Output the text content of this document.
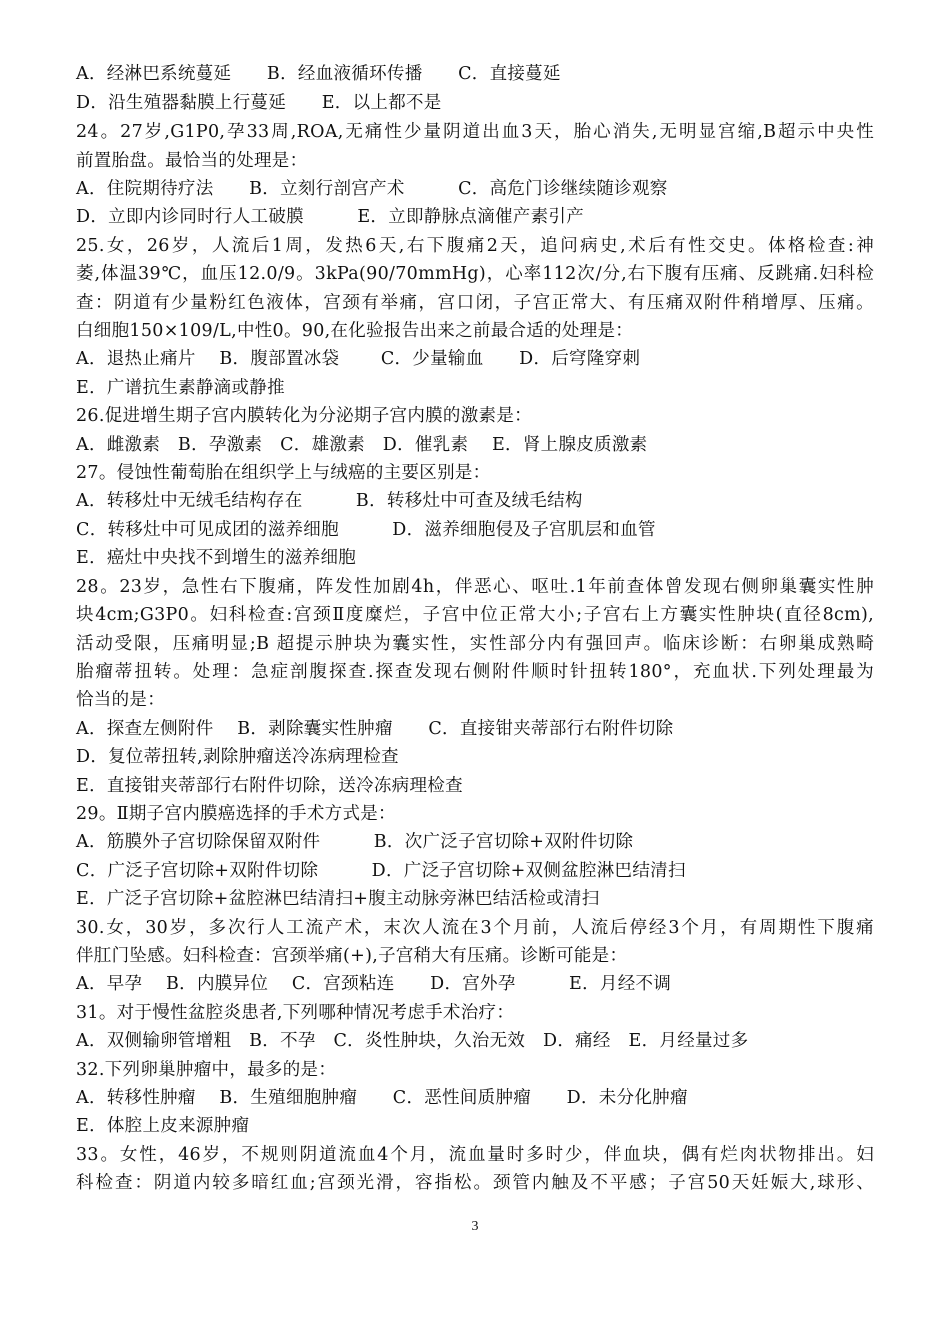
A．经淋巴系统蔓延　　B．经血液循环传播　　C．直接蔓延
D．沿生殖器黏膜上行蔓延　　E．以上都不是
24。27岁,G1P0,孕33周,ROA,无痛性少量阴道出血3天，胎心消失,无明显宫缩,B超示中央性
前置胎盘。最恰当的处理是：
A．住院期待疗法　　B．立刻行剖宫产术　　　C．高危门诊继续随诊观察
D．立即内诊同时行人工破膜　　　E．立即静脉点滴催产素引产
25.女，26岁，人流后1周，发热6天,右下腹痛2天，追问病史,术后有性交史。体格检查:神
萎,体温39℃，血压12.0/9。3kPa(90/70mmHg)，心率112次/分,右下腹有压痛、反跳痛.妇科检
查：阴道有少量粉红色液体，宫颈有举痛，宫口闭，子宫正常大、有压痛双附件稍增厚、压痛。
白细胞150×109/L,中性0。90,在化验报告出来之前最合适的处理是：
A．退热止痛片　 B．腹部置冰袋　 　C．少量输血　　D．后穹隆穿刺
E．广谱抗生素静滴或静推
26.促进增生期子宫内膜转化为分泌期子宫内膜的激素是：
A．雌激素　B．孕激素　C．雄激素　D．催乳素　 E．肾上腺皮质激素
27。侵蚀性葡萄胎在组织学上与绒癌的主要区别是：
A．转移灶中无绒毛结构存在　　　B．转移灶中可查及绒毛结构
C．转移灶中可见成团的滋养细胞　　　D．滋养细胞侵及子宫肌层和血管
E．癌灶中央找不到增生的滋养细胞
28。23岁，急性右下腹痛，阵发性加剧4h，伴恶心、呕吐.1年前查体曾发现右侧卵巢囊实性肿
块4cm;G3P0。妇科检查:宫颈Ⅱ度糜烂，子宫中位正常大小;子宫右上方囊实性肿块(直径8cm),
活动受限，压痛明显;B 超提示肿块为囊实性，实性部分内有强回声。临床诊断：右卵巢成熟畸
胎瘤蒂扭转。处理：急症剖腹探查.探查发现右侧附件顺时针扭转180°，充血状.下列处理最为
恰当的是：
A．探查左侧附件　 B．剥除囊实性肿瘤　　C．直接钳夹蒂部行右附件切除
D．复位蒂扭转,剥除肿瘤送冷冻病理检查
E．直接钳夹蒂部行右附件切除，送冷冻病理检查
29。Ⅱ期子宫内膜癌选择的手术方式是：
A．筋膜外子宫切除保留双附件　　　B．次广泛子宫切除+双附件切除
C．广泛子宫切除+双附件切除　　　D．广泛子宫切除+双侧盆腔淋巴结清扫
E．广泛子宫切除+盆腔淋巴结清扫+腹主动脉旁淋巴结活检或清扫
30.女，30岁，多次行人工流产术，末次人流在3个月前，人流后停经3个月，有周期性下腹痛
伴肛门坠感。妇科检查：宫颈举痛(+),子宫稍大有压痛。诊断可能是：
A．早孕　 B．内膜异位　 C．宫颈粘连　　D．宫外孕　　　E．月经不调
31。对于慢性盆腔炎患者,下列哪种情况考虑手术治疗：
A．双侧输卵管增粗　B．不孕　C．炎性肿块，久治无效　D．痛经　E．月经量过多
32.下列卵巢肿瘤中，最多的是：
A．转移性肿瘤　 B．生殖细胞肿瘤　　C．恶性间质肿瘤　　D．未分化肿瘤
E．体腔上皮来源肿瘤
33。女性，46岁，不规则阴道流血4个月，流血量时多时少，伴血块，偶有烂肉状物排出。妇
科检查：阴道内较多暗红血;宫颈光滑，容指松。颈管内触及不平感；子宫50天妊娠大,球形、
3
